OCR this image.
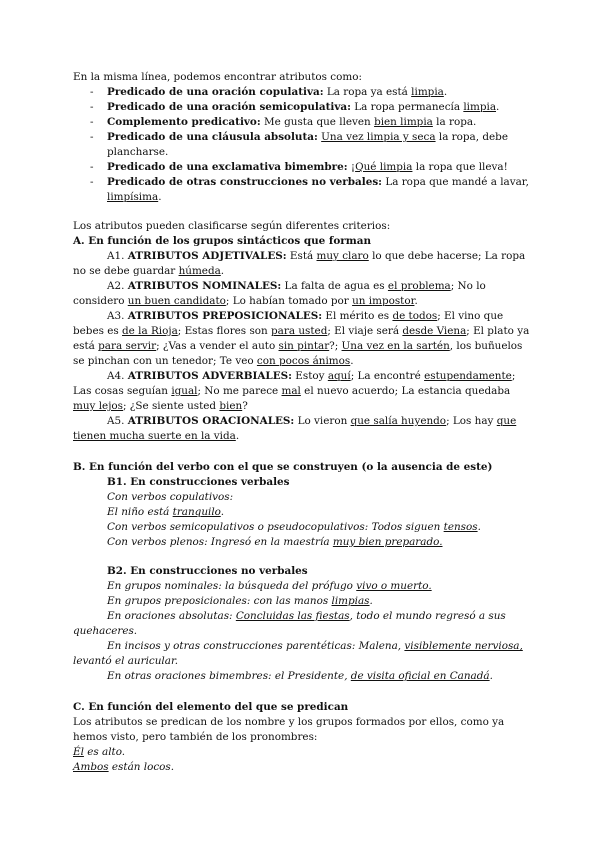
En la misma línea, podemos encontrar atributos como:

- Predicado de una oración copulativa: La ropa ya está limpia.
- Predicado de una oración semicopulativa: La ropa permanecía limpia.
- Complemento predicativo: Me gusta que lleven bien limpia la ropa.
- Predicado de una cláusula absoluta: Una vez limpia y seca la ropa, debe plancharse.
- Predicado de una exclamativa bimembre: ¡Qué limpia la ropa que lleva!
- Predicado de otras construcciones no verbales: La ropa que mandé a lavar, limpísima.

Los atributos pueden clasificarse según diferentes criterios:

A. En función de los grupos sintácticos que forman

A1. ATRIBUTOS ADJETIVALES: Está muy claro lo que debe hacerse; La ropa no se debe guardar húmeda.

A2. ATRIBUTOS NOMINALES: La falta de agua es el problema; No lo considero un buen candidato; Lo habían tomado por un impostor.

A3. ATRIBUTOS PREPOSICIONALES: El mérito es de todos; El vino que bebes es de la Rioja; Estas flores son para usted; El viaje será desde Viena; El plato ya está para servir; ¿Vas a vender el auto sin pintar?; Una vez en la sartén, los buñuelos se pinchan con un tenedor; Te veo con pocos ánimos.

A4. ATRIBUTOS ADVERBIALES: Estoy aquí; La encontré estupendamente; Las cosas seguían igual; No me parece mal el nuevo acuerdo; La estancia quedaba muy lejos; ¿Se siente usted bien?

A5. ATRIBUTOS ORACIONALES: Lo vieron que salía huyendo; Los hay que tienen mucha suerte en la vida.

B. En función del verbo con el que se construyen (o la ausencia de este)

B1. En construcciones verbales

Con verbos copulativos:

El niño está tranquilo.

Con verbos semicopulativos o pseudocopulativos: Todos siguen tensos.

Con verbos plenos: Ingresó en la maestría muy bien preparado.

B2. En construcciones no verbales

En grupos nominales: la búsqueda del prófugo vivo o muerto.

En grupos preposicionales: con las manos limpias.

En oraciones absolutas: Concluidas las fiestas, todo el mundo regresó a sus quehaceres.

En incisos y otras construcciones parentéticas: Malena, visiblemente nerviosa, levantó el auricular.

En otras oraciones bimembres: el Presidente, de visita oficial en Canadá.

C. En función del elemento del que se predican

Los atributos se predican de los nombre y los grupos formados por ellos, como ya hemos visto, pero también de los pronombres:

Él es alto.

Ambos están locos.
